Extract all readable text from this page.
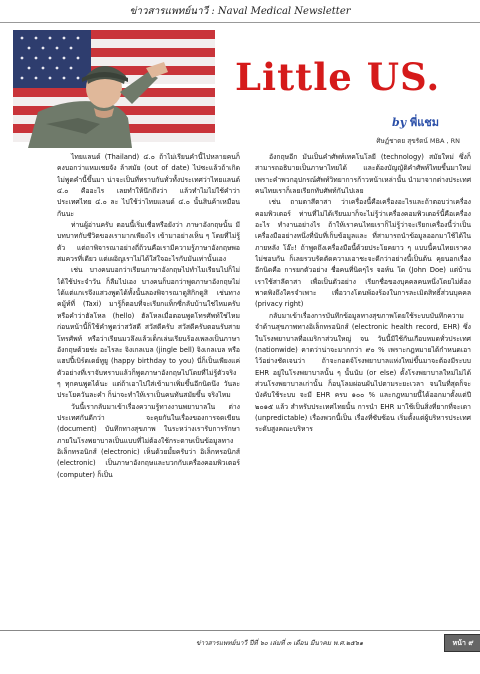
ข่าวสารแพทย์นาวี : Naval Medical Newsletter
Little US.
by พี่แชม
ศิษฏ์ชาตย สุขรัตน์ MBA , RN

ไทยแลนด์ (Thailand) ๔.๐ ถ้าไม่เรียนคำนี้ไปหลายคนก็คงบอกว่าแหมเชยจัง ล้าสมัย (out of date) ไปซะแล้วถ้าเกิดไม่พูดคำนี้ขึ้นมา น่าจะเป็นที่ทราบกันทั่วทั้งประเทศว่าไทยแลนด์ ๔.๐ คืออะไร เลยทำให้นึกถึงว่า แล้วทำไมไม่ใช้คำว่าประเทศไทย ๔.๐ ละ ไปใช้ว่าไทยแลนด์ ๔.๐ นั้นสินค้าเหมือนกันนะ

ท่านผู้อ่านครับ ตอนนี้เริ่มเชื่อหรือยังว่า ภาษาอังกฤษนั้น มีบทบาทกับชีวิตของเรามากเพียงไร เข้ามาอย่างเห็น ๆ โดยที่ไม่รู้ตัว แต่ถาพิจารณาอย่างถี่ถ้วนคือเรามีความรู้ภาษาอังกฤษพอสมควรที่เดียว แต่เผอิญเราไม่ได้ใส่ใจอะไรกับมันเท่านั้นเอง

เช่น บางคนบอกว่าเรียนภาษาอังกฤษไปทำไมเรียนไปก็ไม่ได้ใช้ประจำวัน ก็ลืมไปเอง บางคนก็บอกว่าพูดภาษาอังกฤษไม่ได้แต่แกเรจึงแสวงพูดได้ทั้งนั้นลองพิจารณาดูสิกิกดูสิ เช่นทางคมู้ท์ที่ (Taxi) มารู้ก็ตอบที่จะเรียกแท็กซี่กลับบ้านใช่ไหมครับ หรือคำว่าฮัลโหล (hello) ฮัลโหลเมื่อตอนพูดโทรศัพท์ใช่ไหมก่อนหน้านี้ก็ใช้คำพูดว่าสวัสดี สวัสดีครับ สวัสดีครับตอนรับสายโทรศัพท์ หรือว่าเรียนมวลึงแล้วเด็กเล่นเรียนร้องเพลงเป็นภาษาอังกฤษด้วยช่ะ อะไรละ จิงเกลเบล (jingle bell) จิงเกลเบล หรือแฮปปี้เบิร์ดเดย์ทูยู (happy birthday to you) นี่ก็เป็นเพียงแค่ตัวอย่างที่เราจับทราบแล้วก็พูดภาษาอังกฤษไปโดยที่ไม่รู้ตัวจริง ๆ ทุกคนพูดได้นะ แต่ถ้าเอาไปใส่เข้ามาเพิ่มขึ้นอีกนิดนึง วันละประโยควันละคำ ก็น่าจะทำให้เราเป็นคนทันสมัยขึ้น จริงไหม

วันนี้เรากลับมาเข้าเรื่องความรู้ทางงานพยาบาลใน ต่างประเทศกันดีกว่า จะคุยกันในเรื่องของการจดเขียน (document) บันทึกทางสุขภาพ ในระหว่างเรารับการรักษาภายในโรงพยาบาลเป็นแบบที่ไม่ต้องใช้กระดาษเป็นข้อมูลทางอิเล็กทรอนิกส์ (electronic) เห็นด้วยมั้ยครับว่า อิเล็กทรอนิกส์ (electronic) เป็นภาษาอังกฤษและบวกกับเครื่องคอมพิวเตอร์ (computer) ก็เป็น

อังกฤษอีก มันเป็นคำศัพท์เทคโนโลยี (technology) สมัยใหม่ ซึ่งก็สามารถอธิบายเป็นภาษาไทยได้ และต้องบัญญัติคำศัพท์ไทยขึ้นมาใหม่ เพราะคำพวกอุปกรณ์ศัพท์วิทยาการก้าวหน้าเหล่านั้น นำมาจากต่างประเทศคนไทยเราก็เลยเรียกทับศัพท์กันไปเลย

เช่น ถามตาสีตาสา ว่าเครื่องนี้คือเครื่องอะไรและถ้าตอบว่าเครื่องคอมพิวเตอร์ ท่านที่ไม่ได้เรียนมาก็จะไม่รู้ว่าเครื่องคอมพิวเตอร์นี้คือเครื่องอะไร ทำงานอย่างไร ถ้าให้เราคนไทยเราก็ไม่รู้ว่าจะเรียกเครื่องนี้ว่าเป็นเครื่องมืออย่างหนึ่งที่นับที่เก็บข้อมูลและ ที่สามารถนำข้อมูลออกมาใช้ได้ในภายหลัง โอ๊ะ! ถ้าพูดถึงเครื่องมือนี้ด้วยประโยคยาว ๆ แบบนี้คนไทยเราคงไม่ชอบกัน ก็เลยรวบรัดตัดความเอาชะจะดีกว่าอย่างนี้เป็นต้น คุยนอกเรื่องอีกนิดคือ การยกตัวอย่าง ชื่อคนที่นิดๆไร จอห์น โด (John Doe) แต่บ้านเราใช้สาลีตาสา เพื่อเป็นตัวอย่าง เรียกชื่อของบุคคลคนหนึ่งโดยไม่ต้องพาดพิงถึงใครจำเพาะ เพื่อวางโดนพ้องร้องในการละเมิดสิทธิ์ส่วนบุคคล (privacy right)

กลับมาเข้าเรื่องการบันทึกข้อมูลทางสุขภาพโดยใช้ระบบบันทึกความจำด้านสุขภาพทางอิเล็กทรอนิกส์ (electronic health record, EHR) ซึ่งในโรงพยาบาลที่อเมริกาส่วนใหญ่ จน วันนี้มีใช้กันเกือบหมดทั่วประเทศ (nationwide) คาดว่าน่าจะมากกว่า ๙๐ % เพราะกฎหมายได้กำหนดเอาไว้อย่างชัดเจนว่า ถ้าจะกอดจ์โรงพยาบาลแห่งใหม่ขึ้นมาจะต้องมีระบบ EHR อยู่ในโรงพยาบาลนั้น ๆ นั้นนับ (or else) ตั้งโรงพยาบาลใหม่ไม่ได้ ส่วนโรงพยาบาลเก่านั้น ก็อนุโลมผ่อนผันไปตามระยะเวลา จนในที่สุดก็จะบังคับใช้ระบบ จะมี EHR ครบ ๑๐๐ % และกฎหมายนี้ได้ออกมาตั้งแต่ปี ๒๐๑๕ แล้ว สำหรับประเทศไทยนั้น การนำ EHR มาใช้เป็นสิ่งที่ยากที่จะเดา (unpredictable) เรื่องพวกนี้เป็น เรื่องที่ซับซ้อน เริ่มตั้งแต่ผู้บริหารประเทศระดับสูงคณะบริหาร

ข่าวสารแพทย์นาวี ปีที่ ๖๐ เล่มที่ ๓ เดือน มีนาคม พ.ศ.๒๕๖๑	หน้า ๙
